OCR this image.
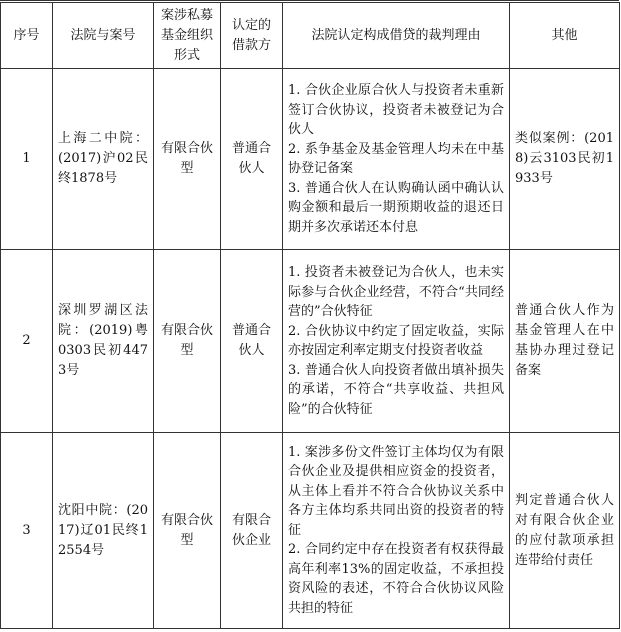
序号	法院与案号	案涉私募基金组织形式	认定的借款方	法院认定构成借贷的裁判理由	其他
1	上海二中院：(2017)沪02民终1878号	有限合伙型	普通合伙人	1. 合伙企业原合伙人与投资者未重新签订合伙协议，投资者未被登记为合伙人
2. 系争基金及基金管理人均未在中基协登记备案
3. 普通合伙人在认购确认函中确认认购金额和最后一期预期收益的退还日期并多次承诺还本付息	类似案例：(2018)云3103民初1933号
2	深圳罗湖区法院：(2019)粤0303民初4473号	有限合伙型	普通合伙人	1. 投资者未被登记为合伙人，也未实际参与合伙企业经营，不符合“共同经营的”合伙特征
2. 合伙协议中约定了固定收益，实际亦按固定利率定期支付投资者收益
3. 普通合伙人向投资者做出填补损失的承诺，不符合“共享收益、共担风险”的合伙特征	普通合伙人作为基金管理人在中基协办理过登记备案
3	沈阳中院：(2017)辽01民终12554号	有限合伙型	有限合伙企业	1. 案涉多份文件签订主体均仅为有限合伙企业及提供相应资金的投资者，从主体上看并不符合合伙协议关系中各方主体均系共同出资的投资者的特征
2. 合同约定中存在投资者有权获得最高年利率13%的固定收益，不承担投资风险的表述，不符合合伙协议风险共担的特征	判定普通合伙人对有限合伙企业的应付款项承担连带给付责任
